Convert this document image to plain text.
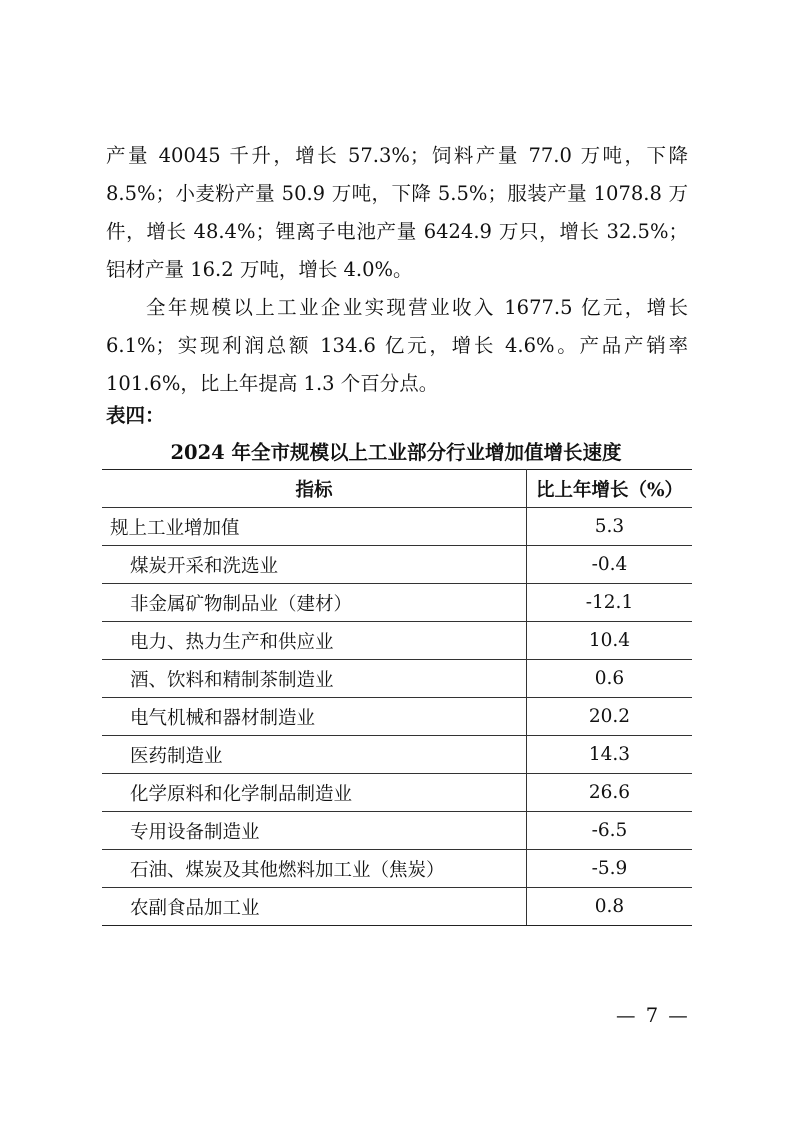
产量 40045 千升，增长 57.3%；饲料产量 77.0 万吨，下降 8.5%；小麦粉产量 50.9 万吨，下降 5.5%；服装产量 1078.8 万件，增长 48.4%；锂离子电池产量 6424.9 万只，增长 32.5%；铝材产量 16.2 万吨，增长 4.0%。
全年规模以上工业企业实现营业收入 1677.5 亿元，增长 6.1%；实现利润总额 134.6 亿元，增长 4.6%。产品产销率 101.6%，比上年提高 1.3 个百分点。
表四：
2024 年全市规模以上工业部分行业增加值增长速度
指标	比上年增长（%）
规上工业增加值	5.3
煤炭开采和洗选业	-0.4
非金属矿物制品业（建材）	-12.1
电力、热力生产和供应业	10.4
酒、饮料和精制茶制造业	0.6
电气机械和器材制造业	20.2
医药制造业	14.3
化学原料和化学制品制造业	26.6
专用设备制造业	-6.5
石油、煤炭及其他燃料加工业（焦炭）	-5.9
农副食品加工业	0.8
— 7 —
